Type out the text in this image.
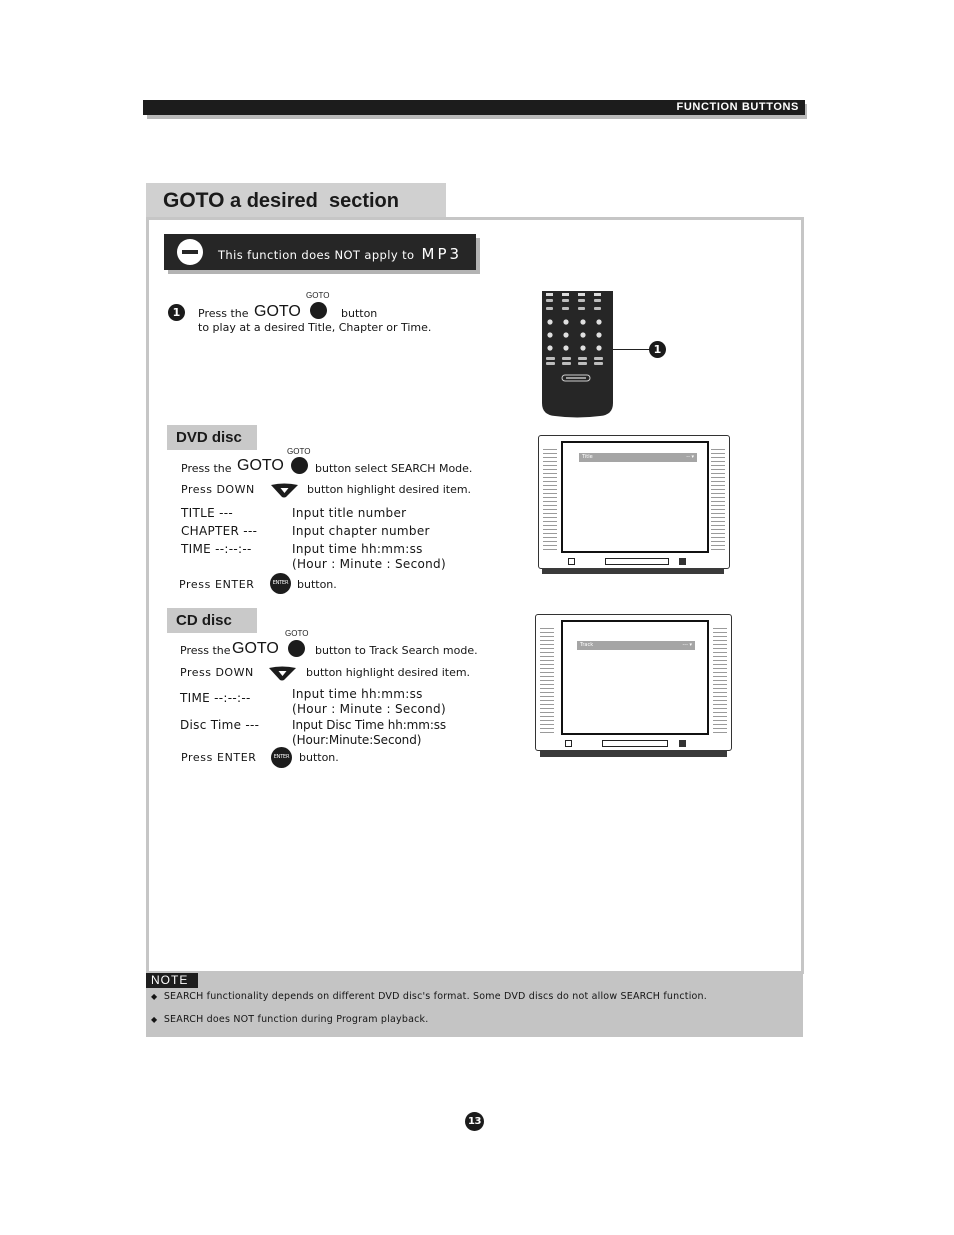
FUNCTION BUTTONS
GOTO a desired  section
This function does NOT apply to MP3
1	Press the GOTO
GOTO
button
to play at a desired Title, Chapter or Time.
1
DVD disc
Press the GOTO
GOTO
button select SEARCH Mode.
Press DOWN	button highlight desired item.
TITLE ---	Input title number
CHAPTER ---	Input chapter number
TIME --:--:--	Input time hh:mm:ss
(Hour : Minute : Second)
Press ENTER	ENTER button.
Title	-- ▾
CD disc
Press the GOTO
GOTO
button to Track Search mode.
Press DOWN	button highlight desired item.
TIME --:--:--	Input time hh:mm:ss
(Hour : Minute : Second)
Disc Time ---	Input Disc Time hh:mm:ss
(Hour:Minute:Second)
Press ENTER	ENTER button.
Track	--- ▾
NOTE
◆ SEARCH functionality depends on different DVD disc's format. Some DVD discs do not allow SEARCH function.
◆ SEARCH does NOT function during Program playback.
13
